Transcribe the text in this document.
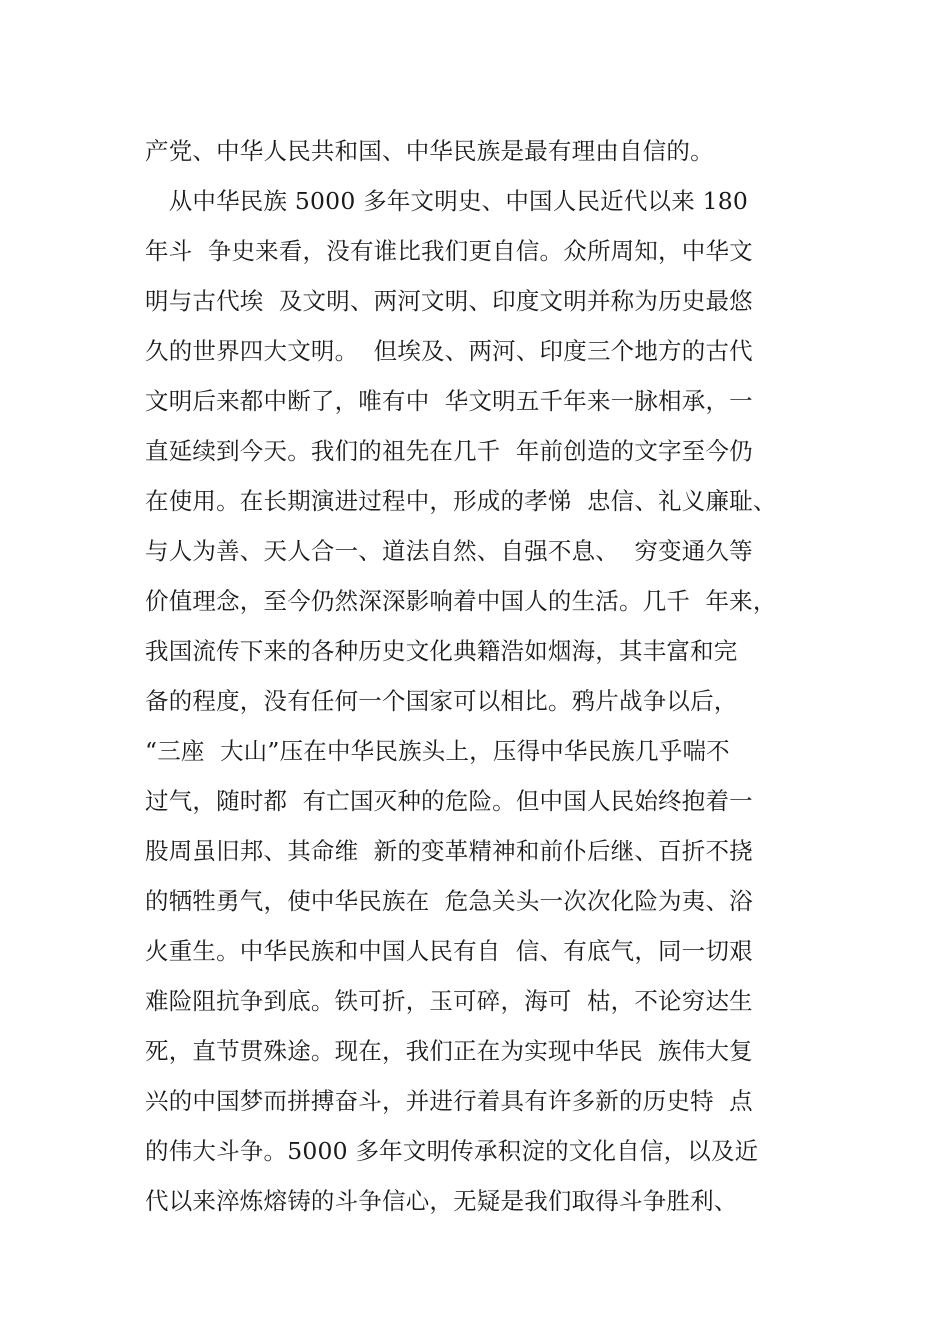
产党、中华人民共和国、中华民族是最有理由自信的。
　从中华民族 5000 多年文明史、中国人民近代以来 180
年斗  争史来看，没有谁比我们更自信。众所周知，中华文
明与古代埃  及文明、两河文明、印度文明并称为历史最悠
久的世界四大文明。  但埃及、两河、印度三个地方的古代
文明后来都中断了，唯有中  华文明五千年来一脉相承，一
直延续到今天。我们的祖先在几千  年前创造的文字至今仍
在使用。在长期演进过程中，形成的孝悌  忠信、礼义廉耻、
与人为善、天人合一、道法自然、自强不息、  穷变通久等
价值理念，至今仍然深深影响着中国人的生活。几千  年来，
我国流传下来的各种历史文化典籍浩如烟海，其丰富和完
备的程度，没有任何一个国家可以相比。鸦片战争以后，
“三座  大山”压在中华民族头上，压得中华民族几乎喘不
过气，随时都  有亡国灭种的危险。但中国人民始终抱着一
股周虽旧邦、其命维  新的变革精神和前仆后继、百折不挠
的牺牲勇气，使中华民族在  危急关头一次次化险为夷、浴
火重生。中华民族和中国人民有自  信、有底气，同一切艰
难险阻抗争到底。铁可折，玉可碎，海可  枯，不论穷达生
死，直节贯殊途。现在，我们正在为实现中华民  族伟大复
兴的中国梦而拼搏奋斗，并进行着具有许多新的历史特  点
的伟大斗争。5000 多年文明传承积淀的文化自信，以及近
代以来淬炼熔铸的斗争信心，无疑是我们取得斗争胜利、
